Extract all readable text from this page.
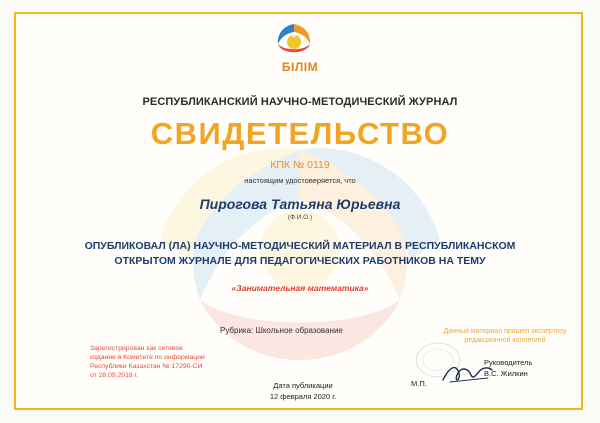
БІЛІМ
РЕСПУБЛИКАНСКИЙ НАУЧНО-МЕТОДИЧЕСКИЙ ЖУРНАЛ
СВИДЕТЕЛЬСТВО
КПК № 0119
настоящим удостоверяется, что
Пирогова Татьяна Юрьевна
(Ф.И.О.)
ОПУБЛИКОВАЛ (ЛА) НАУЧНО-МЕТОДИЧЕСКИЙ МАТЕРИАЛ В РЕСПУБЛИКАНСКОМ
ОТКРЫТОМ ЖУРНАЛЕ ДЛЯ ПЕДАГОГИЧЕСКИХ РАБОТНИКОВ НА ТЕМУ
«Занимательная математика»
Рубрика: Школьное образование	Данный материал прошел экспертизу
редакционной коллегией
Зарегистрирован как сетевое
издание в Комитете по информации
Республики Казахстан № 17290-СИ
от 28.09.2018 г.
Руководитель
В.С. Жилкин
М.П.
Дата публикации
12 февраля 2020 г.
